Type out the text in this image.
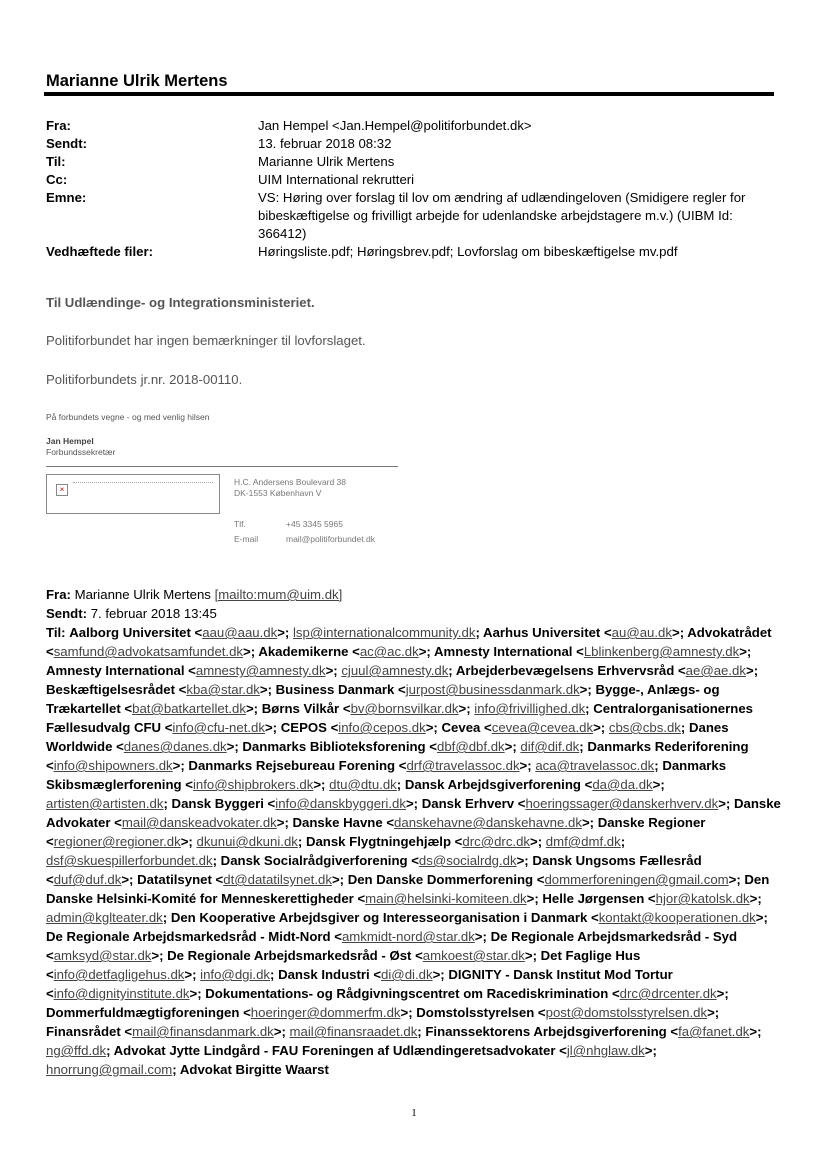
Marianne Ulrik Mertens
Fra:	Jan Hempel <Jan.Hempel@politiforbundet.dk>
Sendt:	13. februar 2018 08:32
Til:	Marianne Ulrik Mertens
Cc:	UIM International rekrutteri
Emne:	VS: Høring over forslag til lov om ændring af udlændingeloven (Smidigere regler for bibeskæftigelse og frivilligt arbejde for udenlandske arbejdstagere m.v.) (UIBM Id: 366412)
Vedhæftede filer:	Høringsliste.pdf; Høringsbrev.pdf; Lovforslag om bibeskæftigelse mv.pdf
Til Udlændinge- og Integrationsministeriet.
Politiforbundet har ingen bemærkninger til lovforslaget.
Politiforbundets jr.nr. 2018-00110.
På forbundets vegne - og med venlig hilsen
Jan Hempel
Forbundssekretær
×
H.C. Andersens Boulevard 38
DK-1553 København V
Tlf.	+45 3345 5965
E-mail	mail@politiforbundet.dk
Fra: Marianne Ulrik Mertens [mailto:mum@uim.dk]
Sendt: 7. februar 2018 13:45
Til: Aalborg Universitet <aau@aau.dk>; lsp@internationalcommunity.dk; Aarhus Universitet <au@au.dk>; Advokatrådet <samfund@advokatsamfundet.dk>; Akademikerne <ac@ac.dk>; Amnesty International <Lblinkenberg@amnesty.dk>; Amnesty International <amnesty@amnesty.dk>; cjuul@amnesty.dk; Arbejderbevægelsens Erhvervsråd <ae@ae.dk>; Beskæftigelsesrådet <kba@star.dk>; Business Danmark <jurpost@businessdanmark.dk>; Bygge-, Anlægs- og Trækartellet <bat@batkartellet.dk>; Børns Vilkår <bv@bornsvilkar.dk>; info@frivillighed.dk; Centralorganisationernes Fællesudvalg CFU <info@cfu-net.dk>; CEPOS <info@cepos.dk>; Cevea <cevea@cevea.dk>; cbs@cbs.dk; Danes Worldwide <danes@danes.dk>; Danmarks Biblioteksforening <dbf@dbf.dk>; dif@dif.dk; Danmarks Rederiforening <info@shipowners.dk>; Danmarks Rejsebureau Forening <drf@travelassoc.dk>; aca@travelassoc.dk; Danmarks Skibsmæglerforening <info@shipbrokers.dk>; dtu@dtu.dk; Dansk Arbejdsgiverforening <da@da.dk>; artisten@artisten.dk; Dansk Byggeri <info@danskbyggeri.dk>; Dansk Erhverv <hoeringssager@danskerhverv.dk>; Danske Advokater <mail@danskeadvokater.dk>; Danske Havne <danskehavne@danskehavne.dk>; Danske Regioner <regioner@regioner.dk>; dkunui@dkuni.dk; Dansk Flygtningehjælp <drc@drc.dk>; dmf@dmf.dk; dsf@skuespillerforbundet.dk; Dansk Socialrådgiverforening <ds@socialrdg.dk>; Dansk Ungsoms Fællesråd <duf@duf.dk>; Datatilsynet <dt@datatilsynet.dk>; Den Danske Dommerforening <dommerforeningen@gmail.com>; Den Danske Helsinki-Komité for Menneskerettigheder <main@helsinki-komiteen.dk>; Helle Jørgensen <hjor@katolsk.dk>; admin@kglteater.dk; Den Kooperative Arbejdsgiver og Interesseorganisation i Danmark <kontakt@kooperationen.dk>; De Regionale Arbejdsmarkedsråd - Midt-Nord <amkmidt-nord@star.dk>; De Regionale Arbejdsmarkedsråd - Syd <amksyd@star.dk>; De Regionale Arbejdsmarkedsråd - Øst <amkoest@star.dk>; Det Faglige Hus <info@detfagligehus.dk>; info@dgi.dk; Dansk Industri <di@di.dk>; DIGNITY - Dansk Institut Mod Tortur <info@dignityinstitute.dk>; Dokumentations- og Rådgivningscentret om Racediskrimination <drc@drcenter.dk>; Dommerfuldmægtigforeningen <hoeringer@dommerfm.dk>; Domstolsstyrelsen <post@domstolsstyrelsen.dk>; Finansrådet <mail@finansdanmark.dk>; mail@finansraadet.dk; Finanssektorens Arbejdsgiverforening <fa@fanet.dk>; ng@ffd.dk; Advokat Jytte Lindgård - FAU Foreningen af Udlændingeretsadvokater <jl@nhglaw.dk>; hnorrung@gmail.com; Advokat Birgitte Waarst
1
